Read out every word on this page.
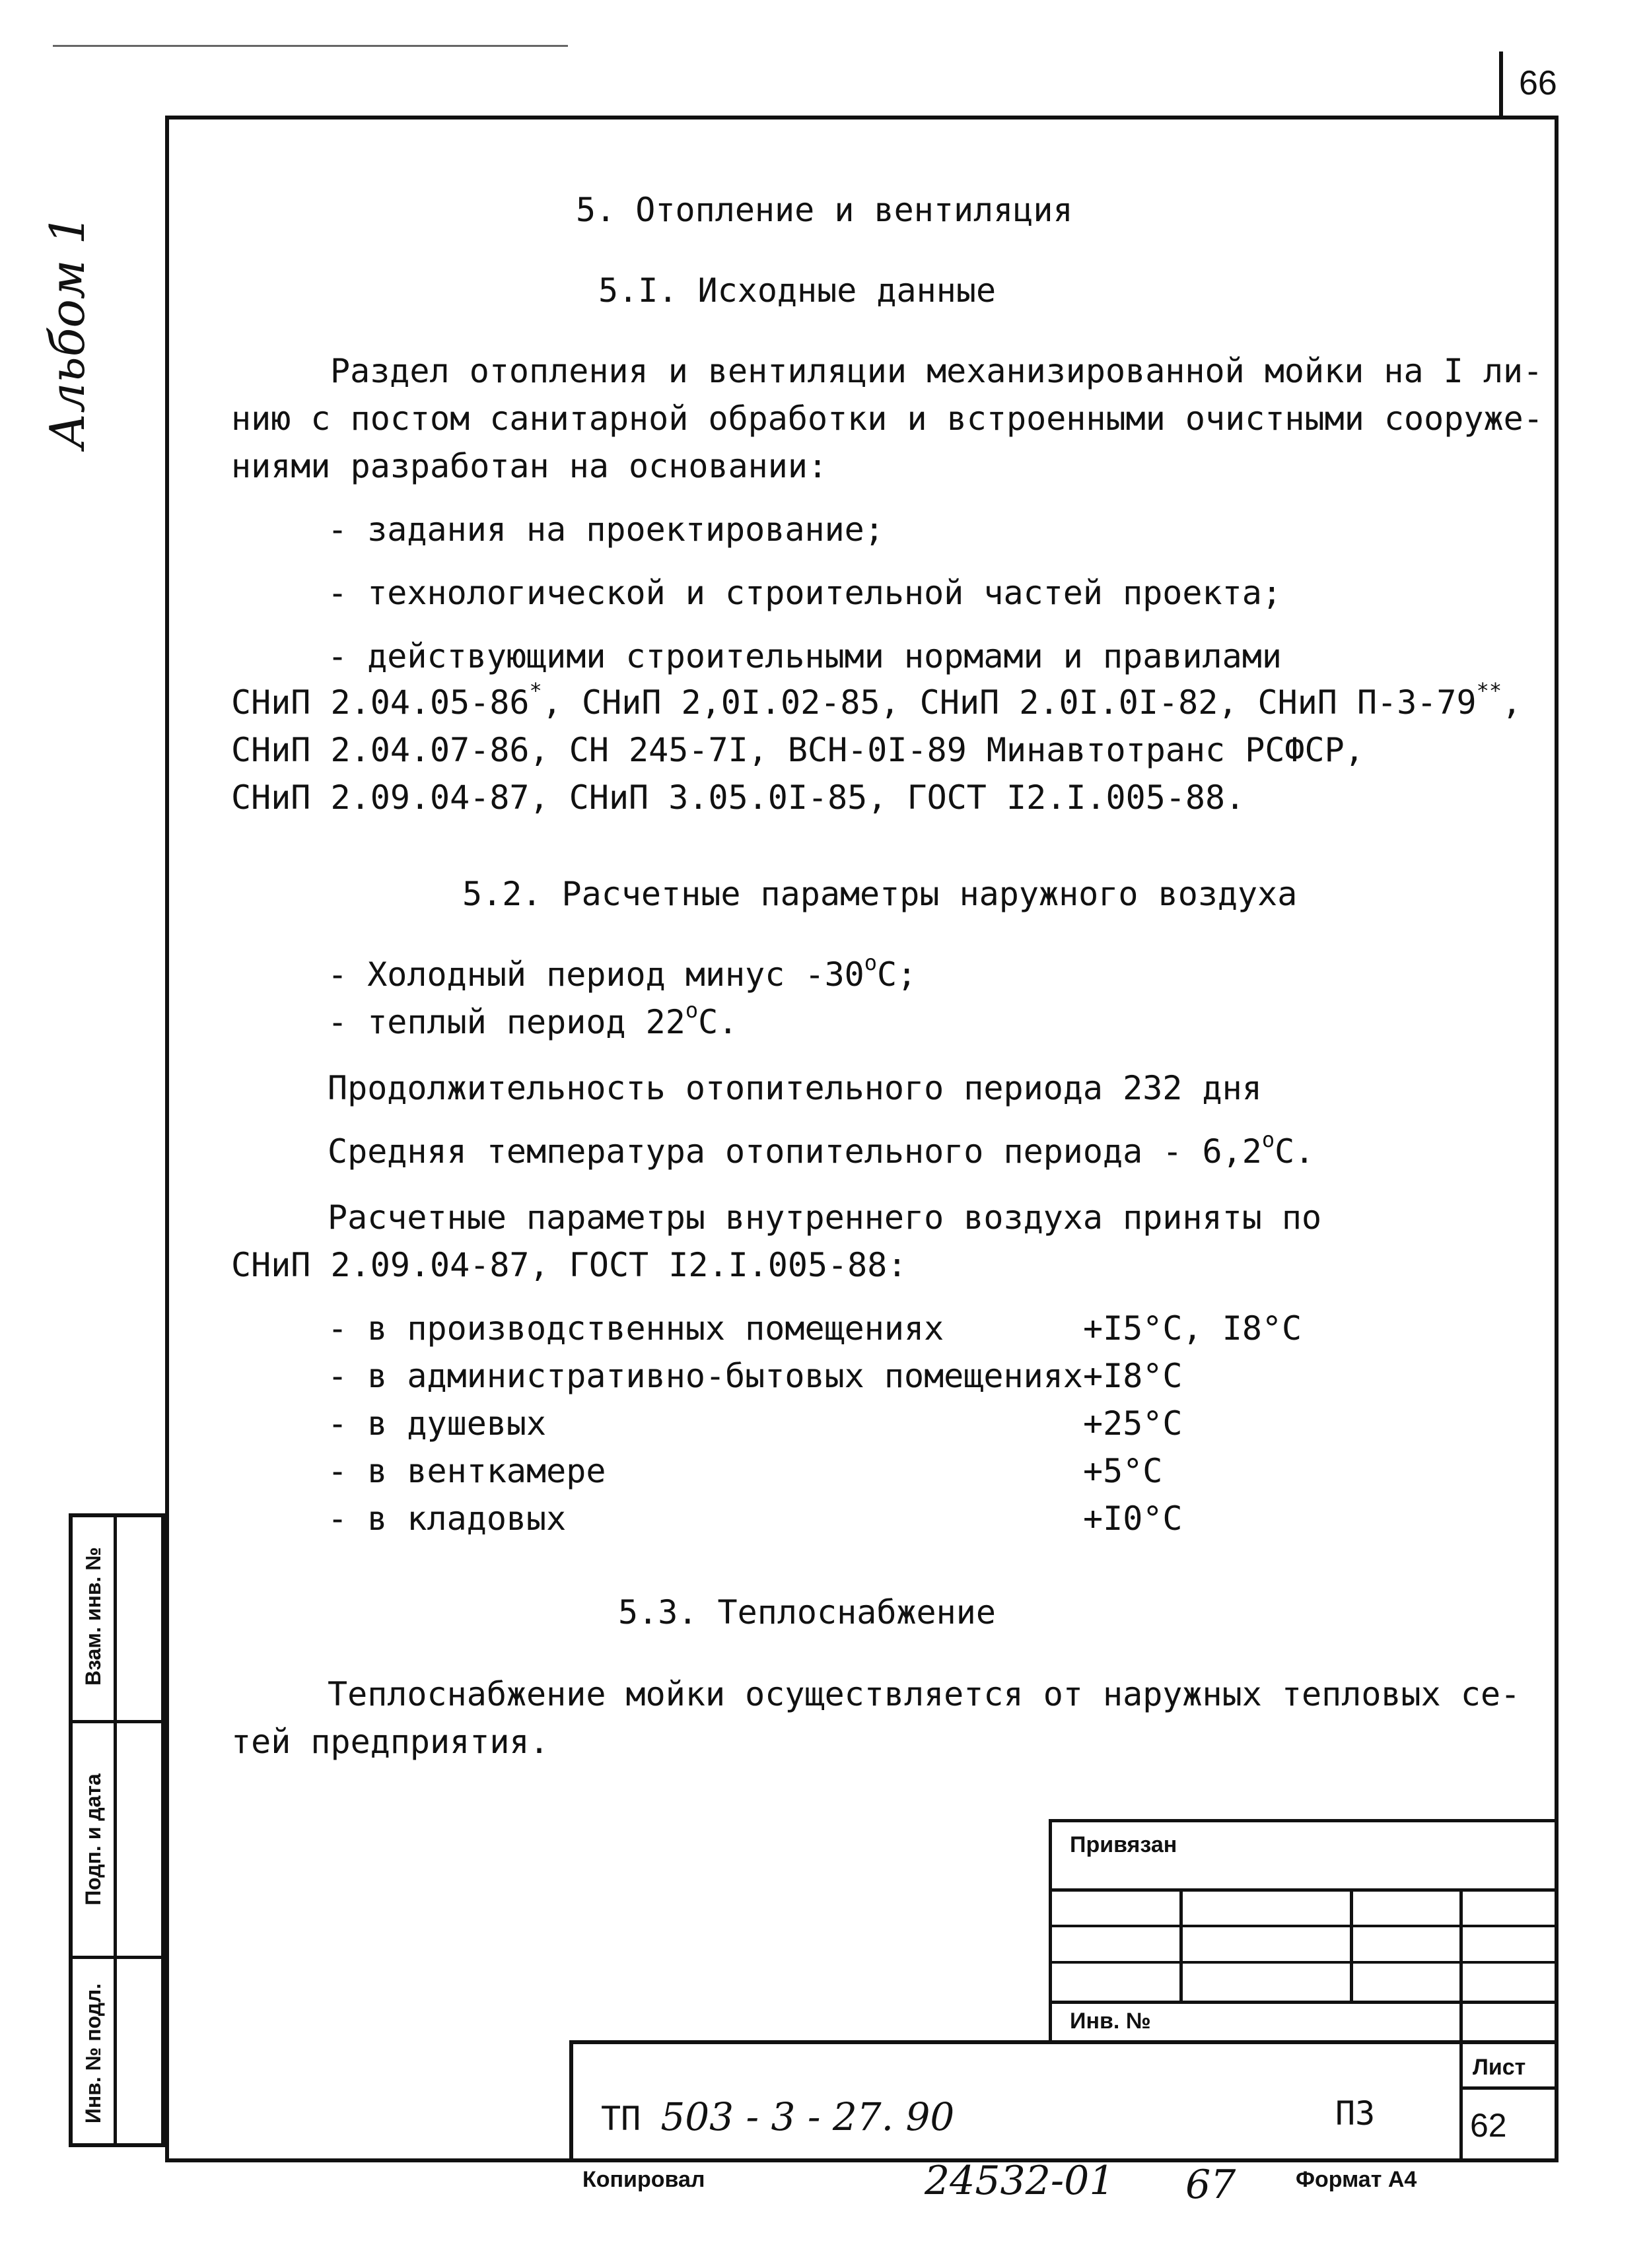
66
Альбом 1
5. Отопление и вентиляция
5.I. Исходные данные
Раздел отопления и вентиляции механизированной мойки на I ли-
нию с постом санитарной обработки и встроенными очистными сооруже-
ниями разработан на основании:
- задания на проектирование;
- технологической и строительной частей проекта;
- действующими строительными нормами и правилами
СНиП 2.04.05-86*, СНиП 2,0I.02-85, СНиП 2.0I.0I-82, СНиП П-3-79**,
СНиП 2.04.07-86, СН 245-7I, ВСН-0I-89 Минавтотранс РСФСР,
СНиП 2.09.04-87, СНиП 3.05.0I-85, ГОСТ I2.I.005-88.
5.2. Расчетные параметры наружного воздуха
- Холодный период минус -30$^o$С;
- теплый период 22$^o$С.
Продолжительность отопительного периода 232 дня
Средняя температура отопительного периода - 6,2$^o$С.
Расчетные параметры внутреннего воздуха приняты по
СНиП 2.09.04-87, ГОСТ I2.I.005-88:
- в производственных помещениях	+I5°С, I8°С
- в административно-бытовых помещениях +I8°С
- в душевых	+25°С
- в венткамере	+5°С
- в кладовых	+I0°С
5.3. Теплоснабжение
Теплоснабжение мойки осуществляется от наружных тепловых се-
тей предприятия.
Взам. инв. №
Подп. и дата
Инв. № подл.
Привязан
Инв. №
Лист
62
ТП 503 - 3 - 27. 90	ПЗ
Копировал	24532-01 67	Формат А4
